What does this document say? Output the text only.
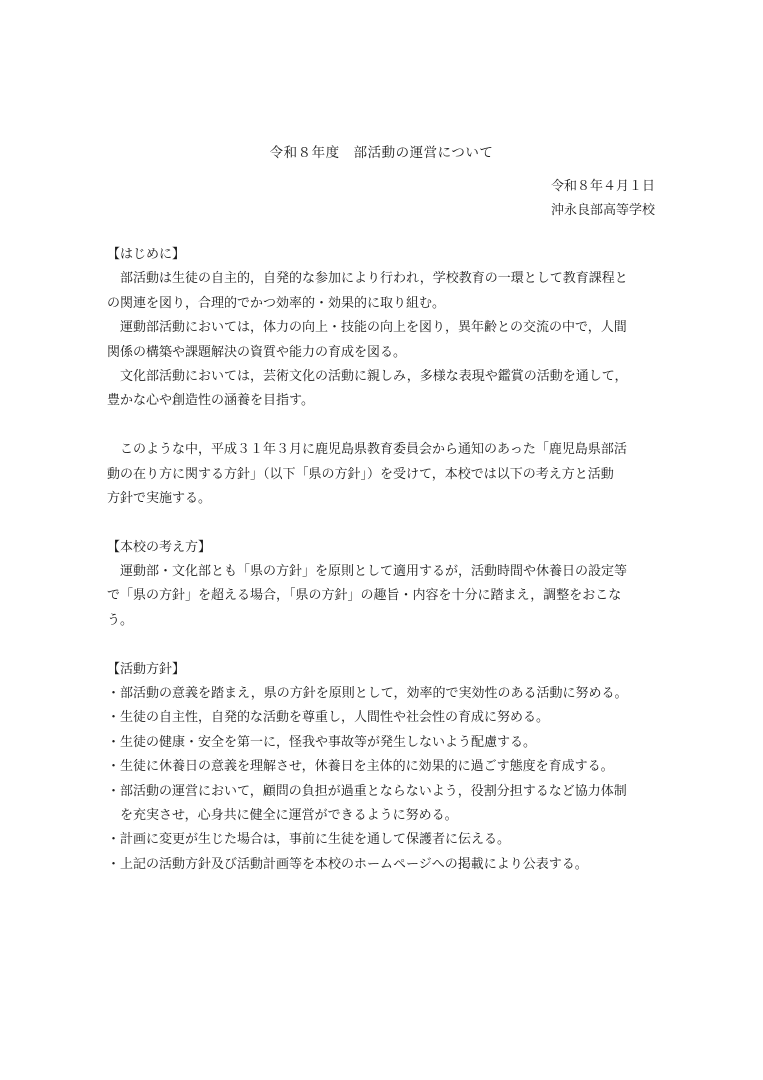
令和８年度　部活動の運営について
令和８年４月１日
沖永良部高等学校
【はじめに】
部活動は生徒の自主的，自発的な参加により行われ，学校教育の一環として教育課程と
の関連を図り，合理的でかつ効率的・効果的に取り組む。
運動部活動においては，体力の向上・技能の向上を図り，異年齢との交流の中で，人間
関係の構築や課題解決の資質や能力の育成を図る。
文化部活動においては，芸術文化の活動に親しみ，多様な表現や鑑賞の活動を通して，
豊かな心や創造性の涵養を目指す。
このような中，平成３１年３月に鹿児島県教育委員会から通知のあった「鹿児島県部活
動の在り方に関する方針」（以下「県の方針」）を受けて，本校では以下の考え方と活動
方針で実施する。
【本校の考え方】
運動部・文化部とも「県の方針」を原則として適用するが，活動時間や休養日の設定等
で「県の方針」を超える場合，「県の方針」の趣旨・内容を十分に踏まえ，調整をおこな
う。
【活動方針】
・部活動の意義を踏まえ，県の方針を原則として，効率的で実効性のある活動に努める。
・生徒の自主性，自発的な活動を尊重し，人間性や社会性の育成に努める。
・生徒の健康・安全を第一に，怪我や事故等が発生しないよう配慮する。
・生徒に休養日の意義を理解させ，休養日を主体的に効果的に過ごす態度を育成する。
・部活動の運営において，顧問の負担が過重とならないよう，役割分担するなど協力体制
を充実させ，心身共に健全に運営ができるように努める。
・計画に変更が生じた場合は，事前に生徒を通して保護者に伝える。
・上記の活動方針及び活動計画等を本校のホームページへの掲載により公表する。
